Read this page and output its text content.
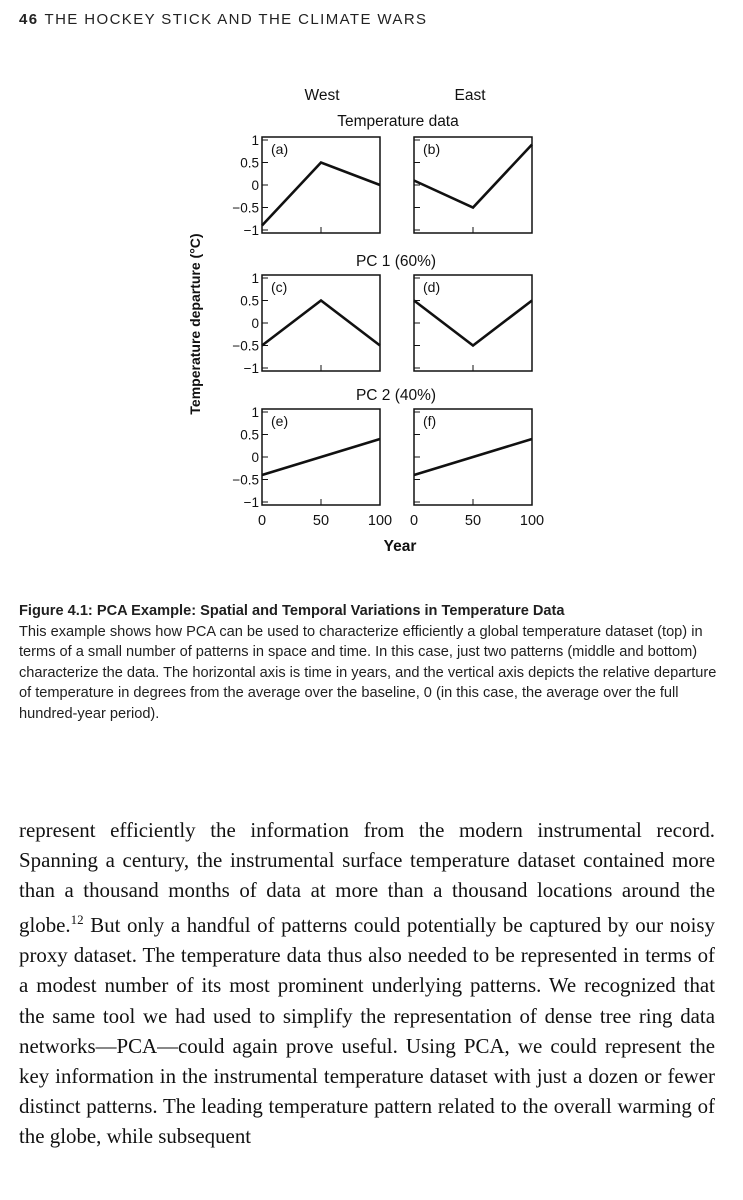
46 THE HOCKEY STICK AND THE CLIMATE WARS
West	East
Temperature data
PC 1 (60%)
PC 2 (40%)
Temperature departure (°C)
Year
(a)
1
0.5
0
−0.5
−1
(b)
(c)
1
0.5
0
−0.5
−1
(d)
(e)
1
0.5
0
−0.5
−1
0	50	100
(f)
0	50	100
Figure 4.1: PCA Example: Spatial and Temporal Variations in Temperature Data
This example shows how PCA can be used to characterize efficiently a global temperature dataset (top) in terms of a small number of patterns in space and time. In this case, just two patterns (middle and bottom) characterize the data. The horizontal axis is time in years, and the vertical axis depicts the relative departure of temperature in degrees from the average over the baseline, 0 (in this case, the average over the full hundred-year period).

represent efficiently the information from the modern instrumental record. Spanning a century, the instrumental surface temperature dataset contained more than a thousand months of data at more than a thousand locations around the globe.$^{12}$ But only a handful of patterns could potentially be captured by our noisy proxy dataset. The temperature data thus also needed to be represented in terms of a modest number of its most prominent underlying patterns. We recognized that the same tool we had used to simplify the representation of dense tree ring data networks—PCA—could again prove useful. Using PCA, we could represent the key information in the instrumental temperature dataset with just a dozen or fewer distinct patterns. The leading temperature pattern related to the overall warming of the globe, while subsequent
